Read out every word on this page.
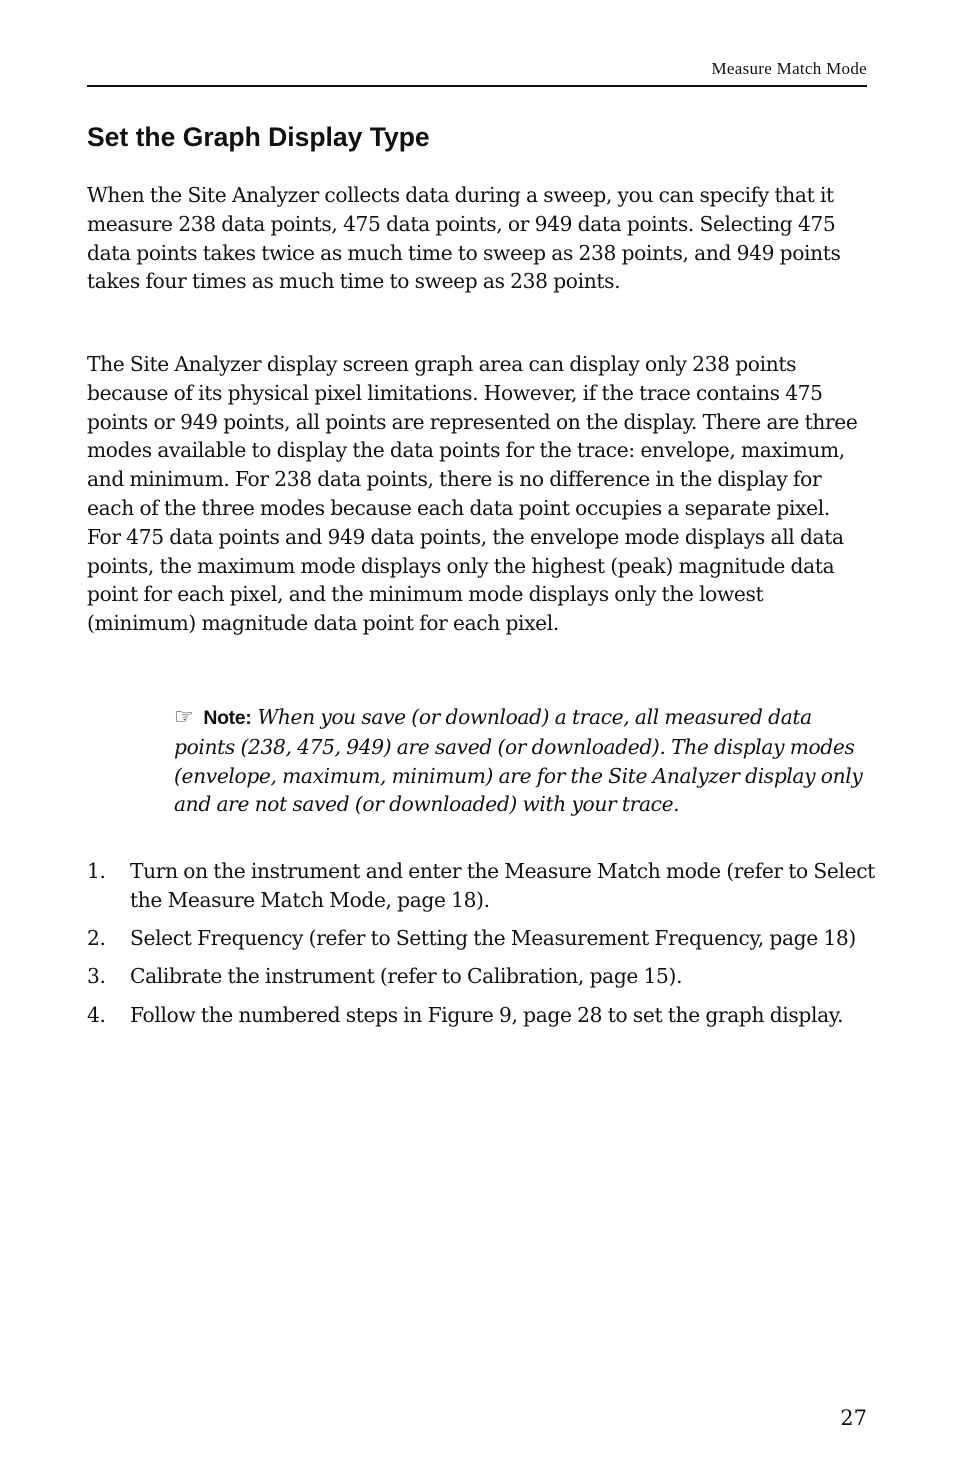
Measure Match Mode
Set the Graph Display Type

When the Site Analyzer collects data during a sweep, you can specify that it measure 238 data points, 475 data points, or 949 data points. Selecting 475 data points takes twice as much time to sweep as 238 points, and 949 points takes four times as much time to sweep as 238 points.

The Site Analyzer display screen graph area can display only 238 points because of its physical pixel limitations. However, if the trace contains 475 points or 949 points, all points are represented on the display. There are three modes available to display the data points for the trace: envelope, maximum, and minimum. For 238 data points, there is no difference in the display for each of the three modes because each data point occupies a separate pixel. For 475 data points and 949 data points, the envelope mode displays all data points, the maximum mode displays only the highest (peak) magnitude data point for each pixel, and the minimum mode displays only the lowest (minimum) magnitude data point for each pixel.

☞ Note: When you save (or download) a trace, all measured data points (238, 475, 949) are saved (or downloaded). The display modes (envelope, maximum, minimum) are for the Site Analyzer display only and are not saved (or downloaded) with your trace.

1. Turn on the instrument and enter the Measure Match mode (refer to Select the Measure Match Mode, page 18).
2. Select Frequency (refer to Setting the Measurement Frequency, page 18)
3. Calibrate the instrument (refer to Calibration, page 15).
4. Follow the numbered steps in Figure 9, page 28 to set the graph display.
27
